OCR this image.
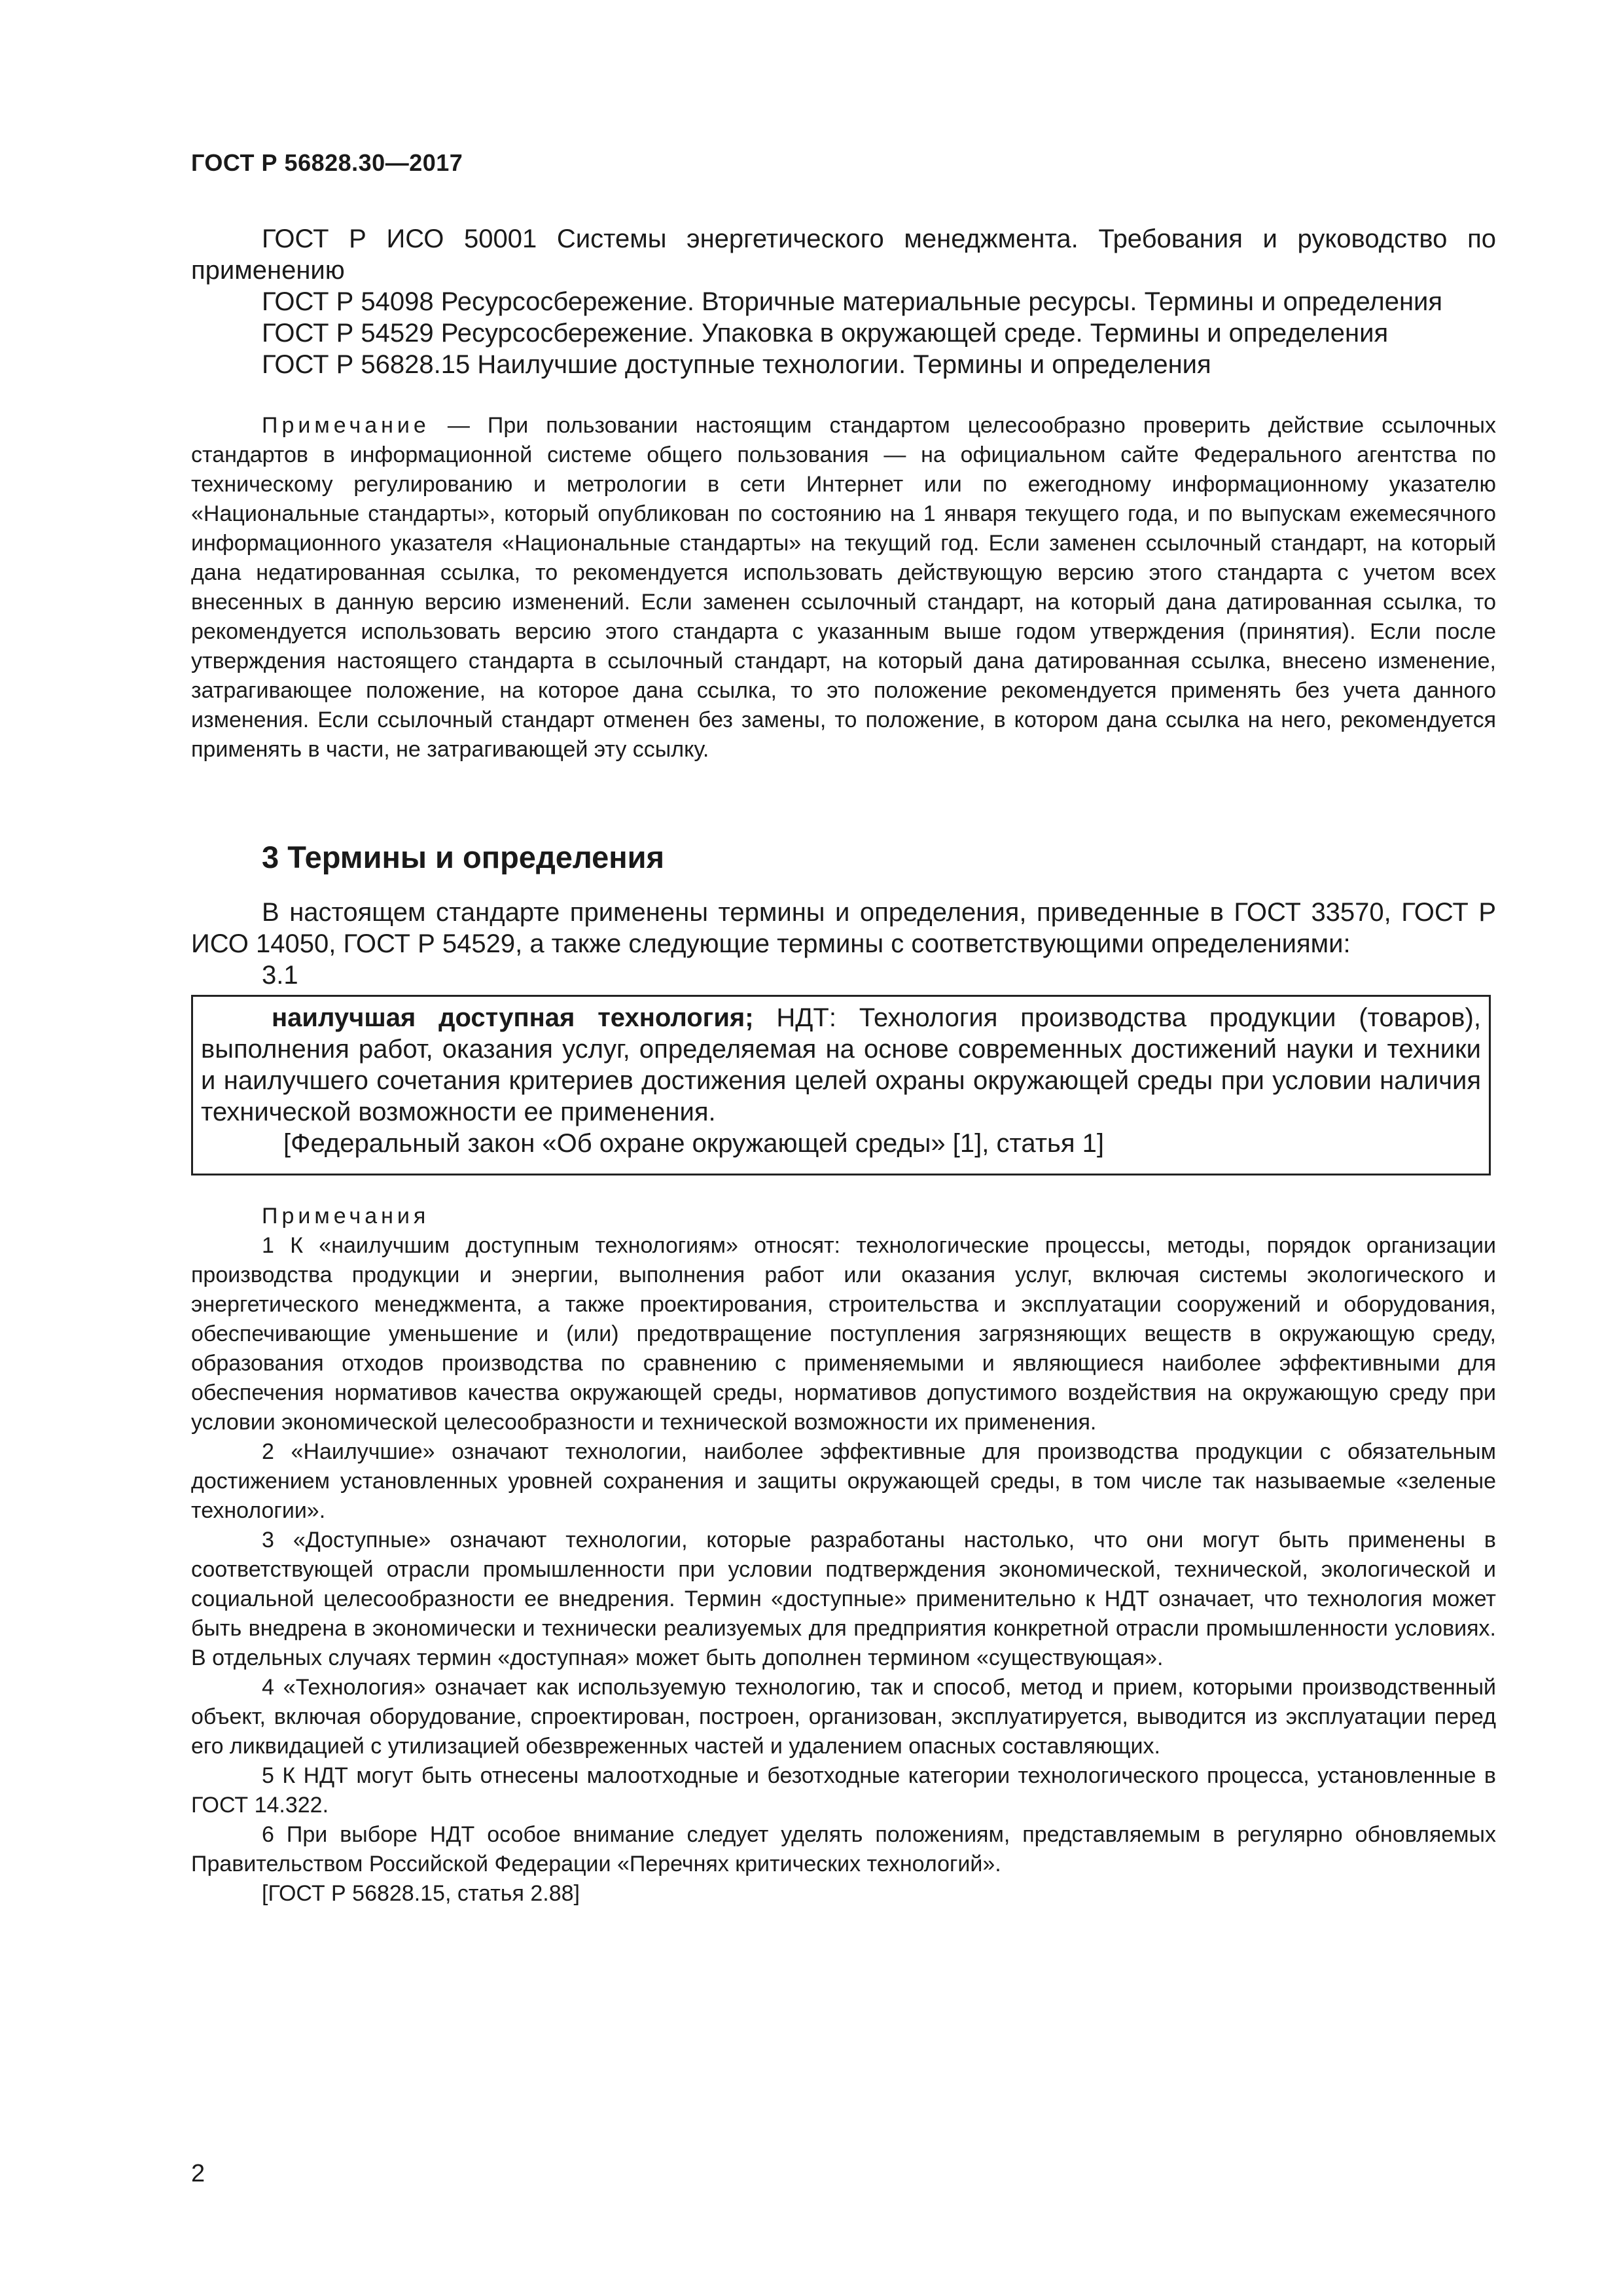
ГОСТ Р 56828.30—2017

ГОСТ Р ИСО 50001 Системы энергетического менеджмента. Требования и руководство по применению

ГОСТ Р 54098 Ресурсосбережение. Вторичные материальные ресурсы. Термины и определения

ГОСТ Р 54529 Ресурсосбережение. Упаковка в окружающей среде. Термины и определения

ГОСТ Р 56828.15 Наилучшие доступные технологии. Термины и определения

Примечание — При пользовании настоящим стандартом целесообразно проверить действие ссылочных стандартов в информационной системе общего пользования — на официальном сайте Федерального агентства по техническому регулированию и метрологии в сети Интернет или по ежегодному информационному указателю «Национальные стандарты», который опубликован по состоянию на 1 января текущего года, и по выпускам ежемесячного информационного указателя «Национальные стандарты» на текущий год. Если заменен ссылочный стандарт, на который дана недатированная ссылка, то рекомендуется использовать действующую версию этого стандарта с учетом всех внесенных в данную версию изменений. Если заменен ссылочный стандарт, на который дана датированная ссылка, то рекомендуется использовать версию этого стандарта с указанным выше годом утверждения (принятия). Если после утверждения настоящего стандарта в ссылочный стандарт, на который дана датированная ссылка, внесено изменение, затрагивающее положение, на которое дана ссылка, то это положение рекомендуется применять без учета данного изменения. Если ссылочный стандарт отменен без замены, то положение, в котором дана ссылка на него, рекомендуется применять в части, не затрагивающей эту ссылку.

3 Термины и определения

В настоящем стандарте применены термины и определения, приведенные в ГОСТ 33570, ГОСТ Р ИСО 14050, ГОСТ Р 54529, а также следующие термины с соответствующими определениями:

3.1

наилучшая доступная технология; НДТ: Технология производства продукции (товаров), выполнения работ, оказания услуг, определяемая на основе современных достижений науки и техники и наилучшего сочетания критериев достижения целей охраны окружающей среды при условии наличия технической возможности ее применения.

[Федеральный закон «Об охране окружающей среды» [1], статья 1]

Примечания

1 К «наилучшим доступным технологиям» относят: технологические процессы, методы, порядок организации производства продукции и энергии, выполнения работ или оказания услуг, включая системы экологического и энергетического менеджмента, а также проектирования, строительства и эксплуатации сооружений и оборудования, обеспечивающие уменьшение и (или) предотвращение поступления загрязняющих веществ в окружающую среду, образования отходов производства по сравнению с применяемыми и являющиеся наиболее эффективными для обеспечения нормативов качества окружающей среды, нормативов допустимого воздействия на окружающую среду при условии экономической целесообразности и технической возможности их применения.

2 «Наилучшие» означают технологии, наиболее эффективные для производства продукции с обязательным достижением установленных уровней сохранения и защиты окружающей среды, в том числе так называемые «зеленые технологии».

3 «Доступные» означают технологии, которые разработаны настолько, что они могут быть применены в соответствующей отрасли промышленности при условии подтверждения экономической, технической, экологической и социальной целесообразности ее внедрения. Термин «доступные» применительно к НДТ означает, что технология может быть внедрена в экономически и технически реализуемых для предприятия конкретной отрасли промышленности условиях. В отдельных случаях термин «доступная» может быть дополнен термином «существующая».

4 «Технология» означает как используемую технологию, так и способ, метод и прием, которыми производственный объект, включая оборудование, спроектирован, построен, организован, эксплуатируется, выводится из эксплуатации перед его ликвидацией с утилизацией обезвреженных частей и удалением опасных составляющих.

5 К НДТ могут быть отнесены малоотходные и безотходные категории технологического процесса, установленные в ГОСТ 14.322.

6 При выборе НДТ особое внимание следует уделять положениям, представляемым в регулярно обновляемых Правительством Российской Федерации «Перечнях критических технологий».

[ГОСТ Р 56828.15, статья 2.88]

2
